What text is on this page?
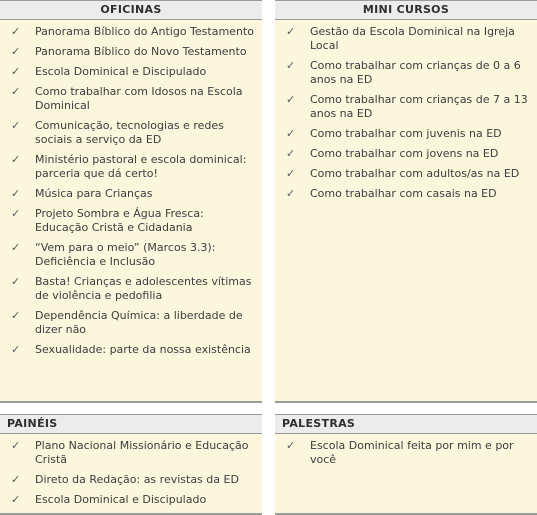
OFICINAS
✓	Panorama Bíblico do Antigo Testamento
✓	Panorama Bíblico do Novo Testamento
✓	Escola Dominical e Discipulado
✓	Como trabalhar com Idosos na Escola Dominical
✓	Comunicação, tecnologias e redes sociais a serviço da ED
✓	Ministério pastoral e escola dominical: parceria que dá certo!
✓	Música para Crianças
✓	Projeto Sombra e Água Fresca: Educação Cristã e Cidadania
✓	“Vem para o meio” (Marcos 3.3): Deficiência e Inclusão
✓	Basta! Crianças e adolescentes vítimas de violência e pedofilia
✓	Dependência Química: a liberdade de dizer não
✓	Sexualidade: parte da nossa existência
MINI CURSOS
✓	Gestão da Escola Dominical na Igreja Local
✓	Como trabalhar com crianças de 0 a 6 anos na ED
✓	Como trabalhar com crianças de 7 a 13 anos na ED
✓	Como trabalhar com juvenis na ED
✓	Como trabalhar com jovens na ED
✓	Como trabalhar com adultos/as na ED
✓	Como trabalhar com casais na ED
PAINÉIS
✓	Plano Nacional Missionário e Educação Cristã
✓	Direto da Redação: as revistas da ED
✓	Escola Dominical e Discipulado
PALESTRAS
✓	Escola Dominical feita por mim e por você
